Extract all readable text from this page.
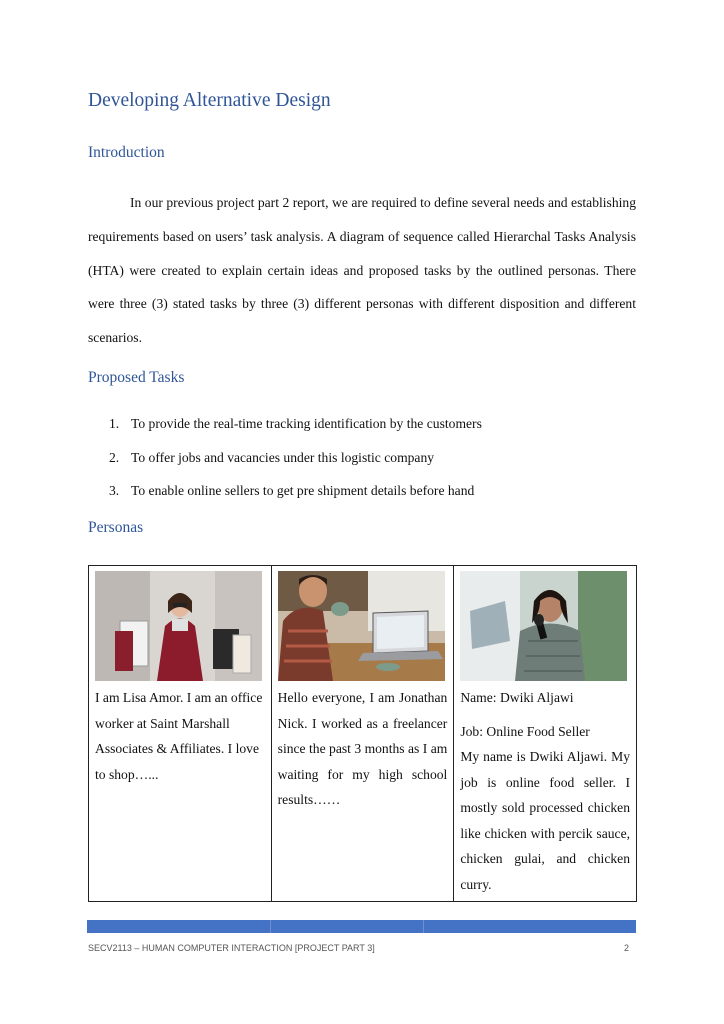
Developing Alternative Design
Introduction

In our previous project part 2 report, we are required to define several needs and establishing requirements based on users’ task analysis. A diagram of sequence called Hierarchal Tasks Analysis (HTA) were created to explain certain ideas and proposed tasks by the outlined personas. There were three (3) stated tasks by three (3) different personas with different disposition and different scenarios.

Proposed Tasks
1. To provide the real-time tracking identification by the customers
2. To offer jobs and vacancies under this logistic company
3. To enable online sellers to get pre shipment details before hand
Personas
I am Lisa Amor. I am an office worker at Saint Marshall Associates & Affiliates. I love to shop…...

Hello everyone, I am Jonathan Nick. I worked as a freelancer since the past 3 months as I am waiting for my high school results……

Name: Dwiki Aljawi
Job: Online Food Seller
My name is Dwiki Aljawi. My job is online food seller. I mostly sold processed chicken like chicken with percik sauce, chicken gulai, and chicken curry.
SECV2113 – HUMAN COMPUTER INTERACTION [PROJECT PART 3]	2
